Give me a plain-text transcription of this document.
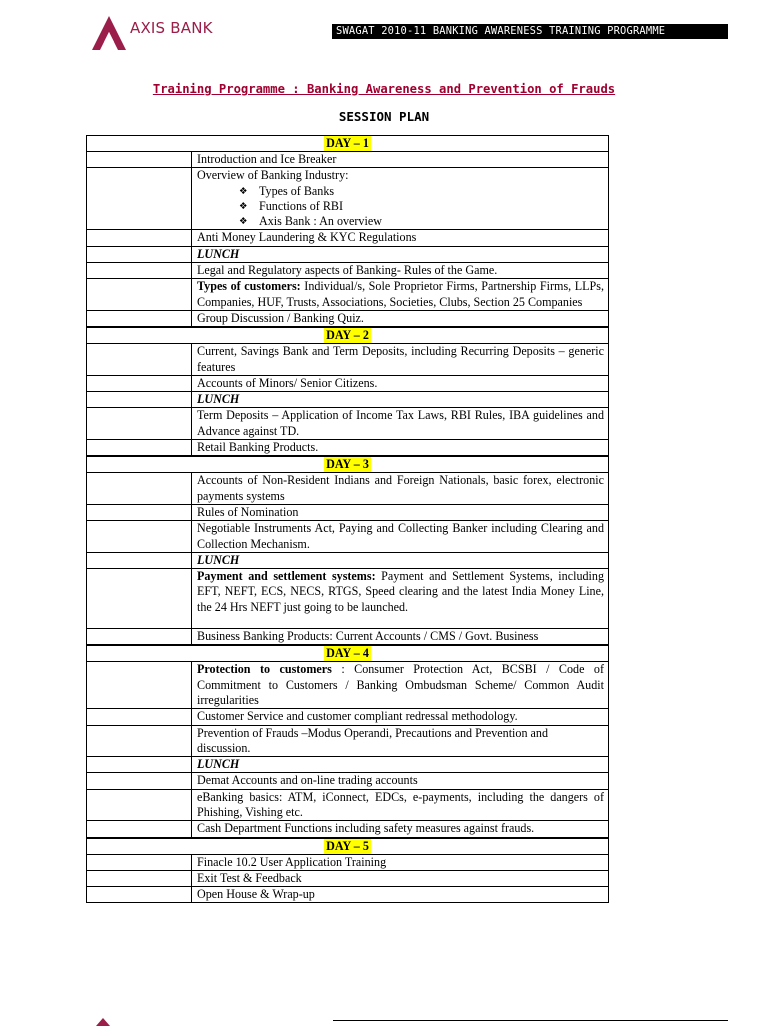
AXIS BANK	SWAGAT 2010-11 BANKING AWARENESS TRAINING PROGRAMME
Training Programme : Banking Awareness and Prevention of Frauds
SESSION PLAN
DAY – 1
Introduction and Ice Breaker
Overview of Banking Industry:
❖ Types of Banks
❖ Functions of RBI
❖ Axis Bank : An overview
Anti Money Laundering & KYC Regulations
LUNCH
Legal and Regulatory aspects of Banking- Rules of the Game.
Types of customers: Individual/s, Sole Proprietor Firms, Partnership Firms, LLPs, Companies, HUF, Trusts, Associations, Societies, Clubs, Section 25 Companies
Group Discussion / Banking Quiz.
DAY – 2
Current, Savings Bank and Term Deposits, including Recurring Deposits – generic features
Accounts of Minors/ Senior Citizens.
LUNCH
Term Deposits – Application of Income Tax Laws, RBI Rules, IBA guidelines and Advance against TD.
Retail Banking Products.
DAY – 3
Accounts of Non-Resident Indians and Foreign Nationals, basic forex, electronic payments systems
Rules of Nomination
Negotiable Instruments Act, Paying and Collecting Banker including Clearing and Collection Mechanism.
LUNCH
Payment and settlement systems: Payment and Settlement Systems, including EFT, NEFT, ECS, NECS, RTGS, Speed clearing and the latest India Money Line, the 24 Hrs NEFT just going to be launched.
Business Banking Products: Current Accounts / CMS / Govt. Business
DAY – 4
Protection to customers : Consumer Protection Act, BCSBI / Code of Commitment to Customers / Banking Ombudsman Scheme/ Common Audit irregularities
Customer Service and customer compliant redressal methodology.
Prevention of Frauds –Modus Operandi, Precautions and Prevention and discussion.
LUNCH
Demat Accounts and on-line trading accounts
eBanking basics: ATM, iConnect, EDCs, e-payments, including the dangers of Phishing, Vishing etc.
Cash Department Functions including safety measures against frauds.
DAY – 5
Finacle 10.2 User Application Training
Exit Test & Feedback
Open House & Wrap-up
